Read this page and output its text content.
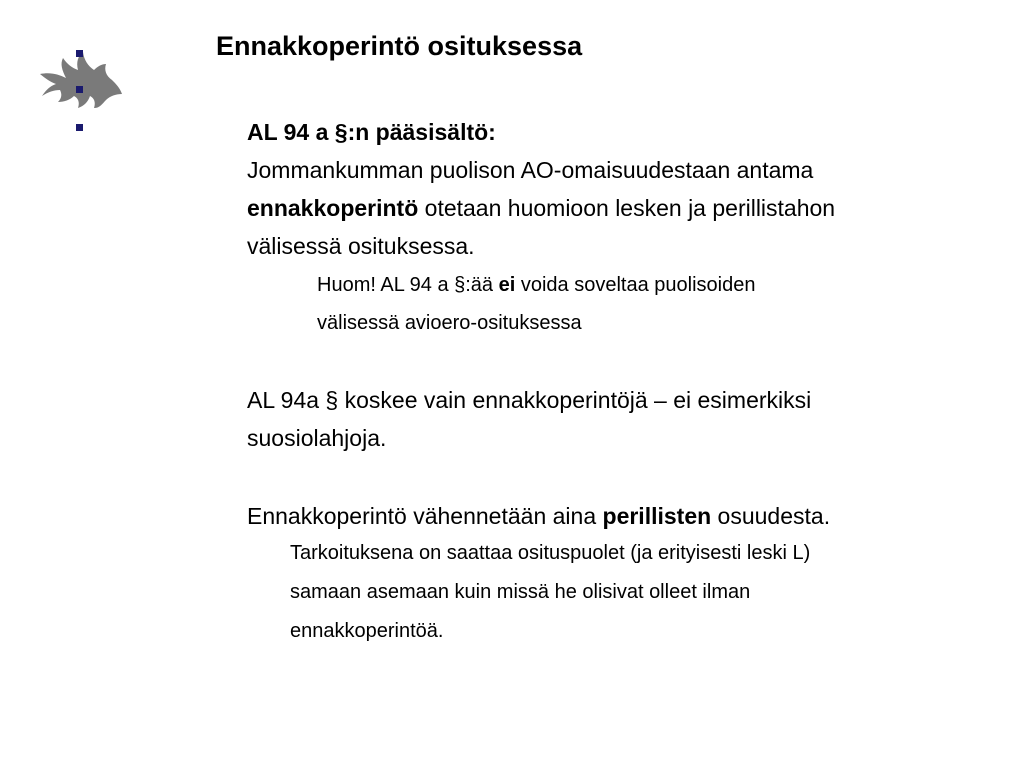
Ennakkoperintö osituksessa

AL 94 a §:n pääsisältö:

Jommankumman puolison AO-omaisuudestaan antama

ennakkoperintö otetaan huomioon lesken ja perillistahon

välisessä osituksessa.

Huom! AL 94 a §:ää ei voida soveltaa puolisoiden

välisessä avioero-osituksessa

AL 94a § koskee vain ennakkoperintöjä – ei esimerkiksi

suosiolahjoja.

Ennakkoperintö vähennetään aina perillisten osuudesta.

Tarkoituksena on saattaa osituspuolet (ja erityisesti leski L)

samaan asemaan kuin missä he olisivat olleet ilman

ennakkoperintöä.
